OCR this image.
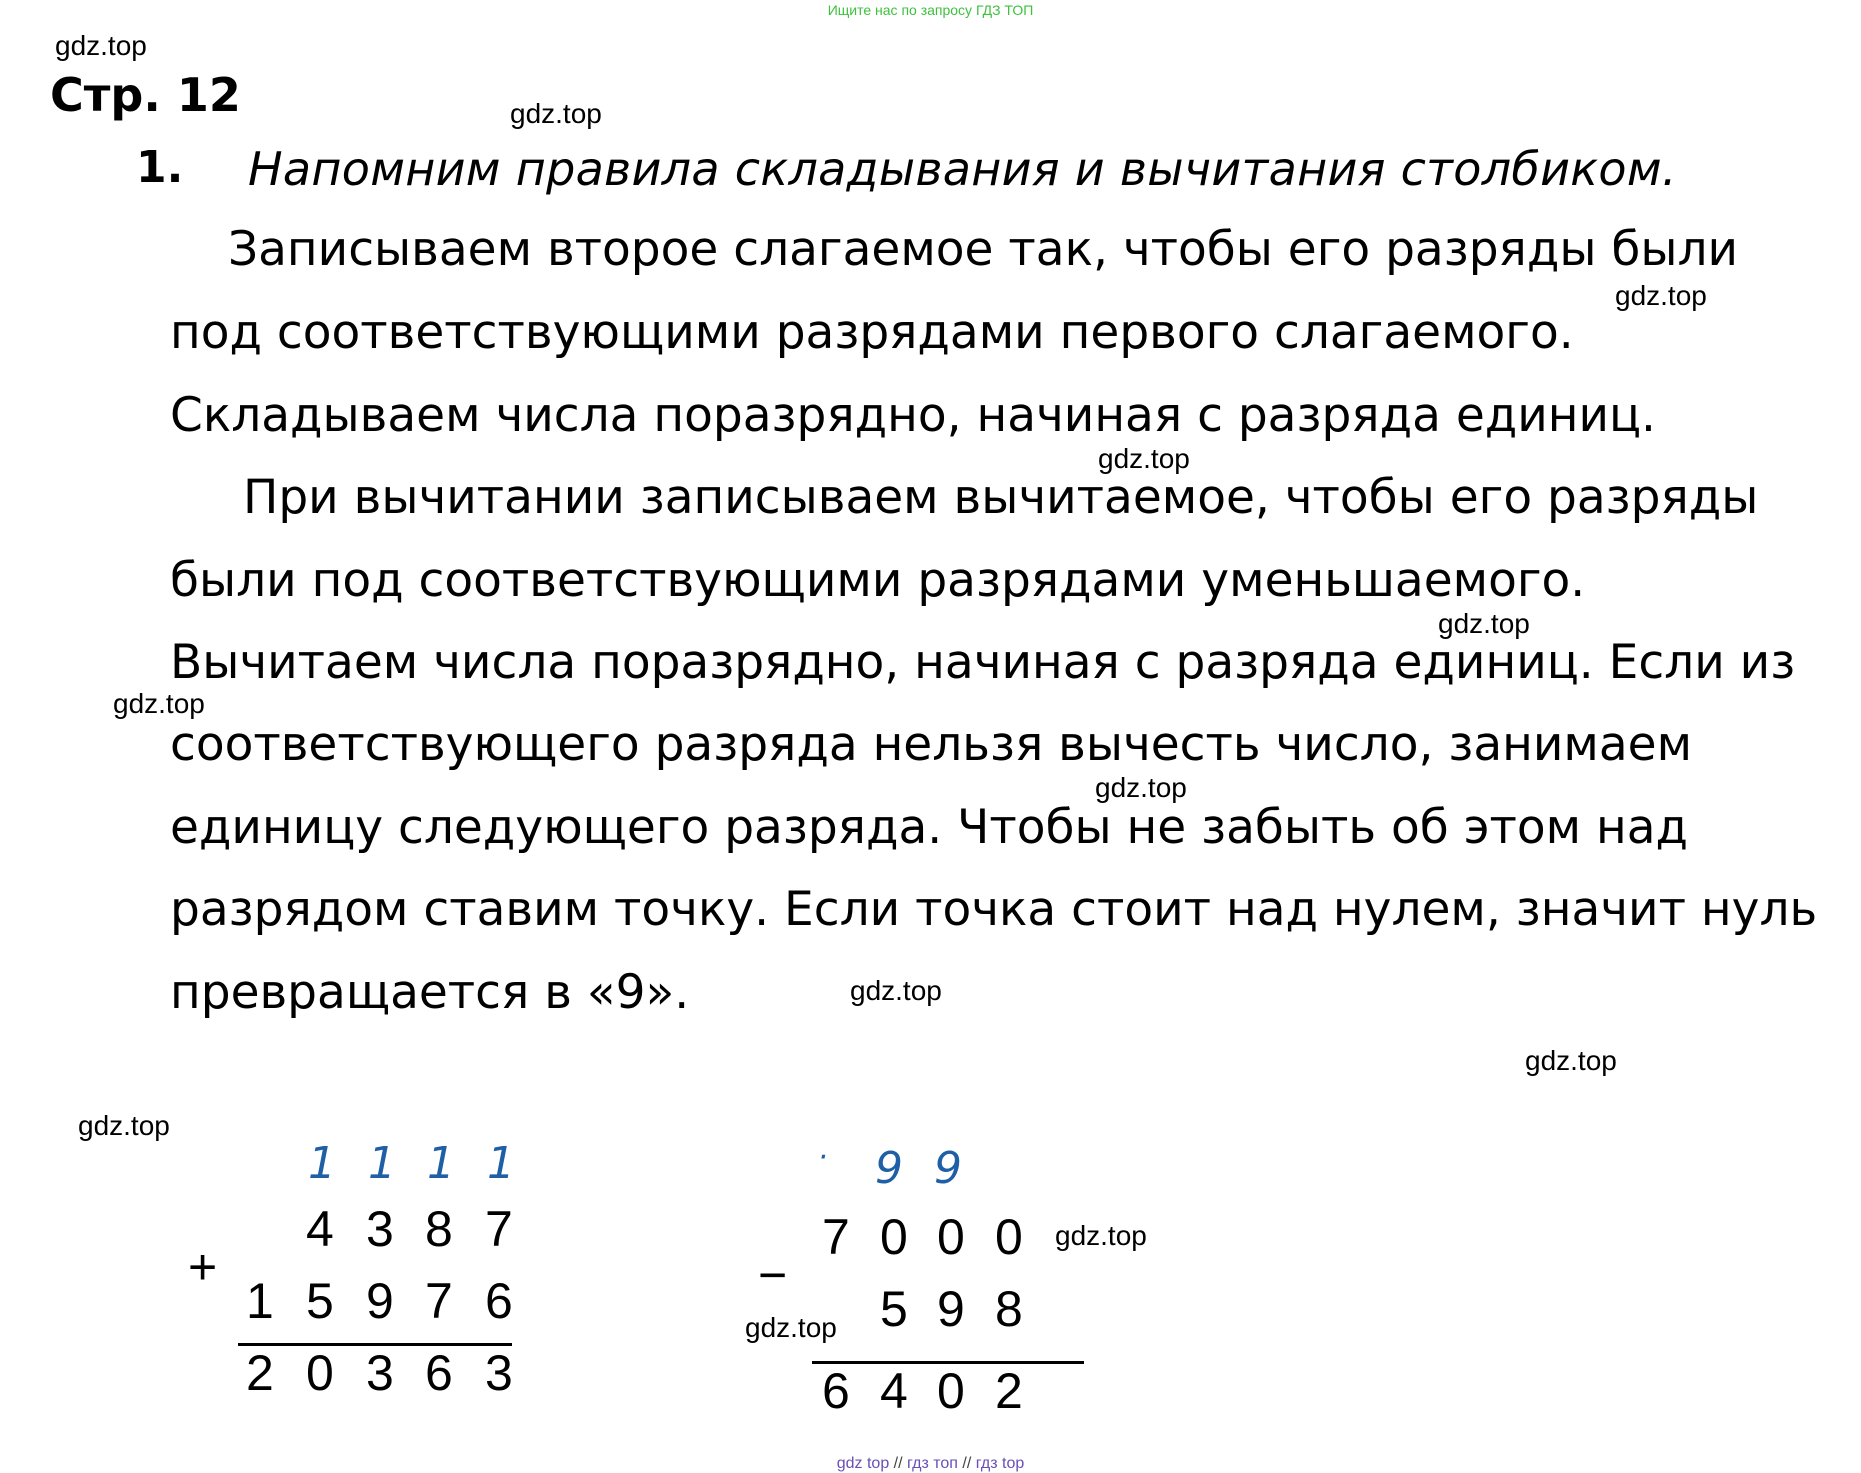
Ищите нас по запросу ГДЗ ТОП
gdz.top
Стр. 12	gdz.top
1. Напомним правила складывания и вычитания столбиком.
Записываем второе слагаемое так, чтобы его разряды были
gdz.top
под соответствующими разрядами первого слагаемого.
Складываем числа поразрядно, начиная с разряда единиц.
gdz.top
При вычитании записываем вычитаемое, чтобы его разряды
были под соответствующими разрядами уменьшаемого.
gdz.top
Вычитаем числа поразрядно, начиная с разряда единиц. Если из
gdz.top
соответствующего разряда нельзя вычесть число, занимаем
gdz.top
единицу следующего разряда. Чтобы не забыть об этом над
разрядом ставим точку. Если точка стоит над нулем, значит нуль
превращается в «9».	gdz.top
gdz.top
gdz.top
1 1 1 1
4 3 8 7
+
1 5 9 7 6
2 0 3 6 3
· 9 9
7 0 0 0 gdz.top
−
gdz.top 5 9 8
6 4 0 2
gdz top // гдз топ // гдз top
